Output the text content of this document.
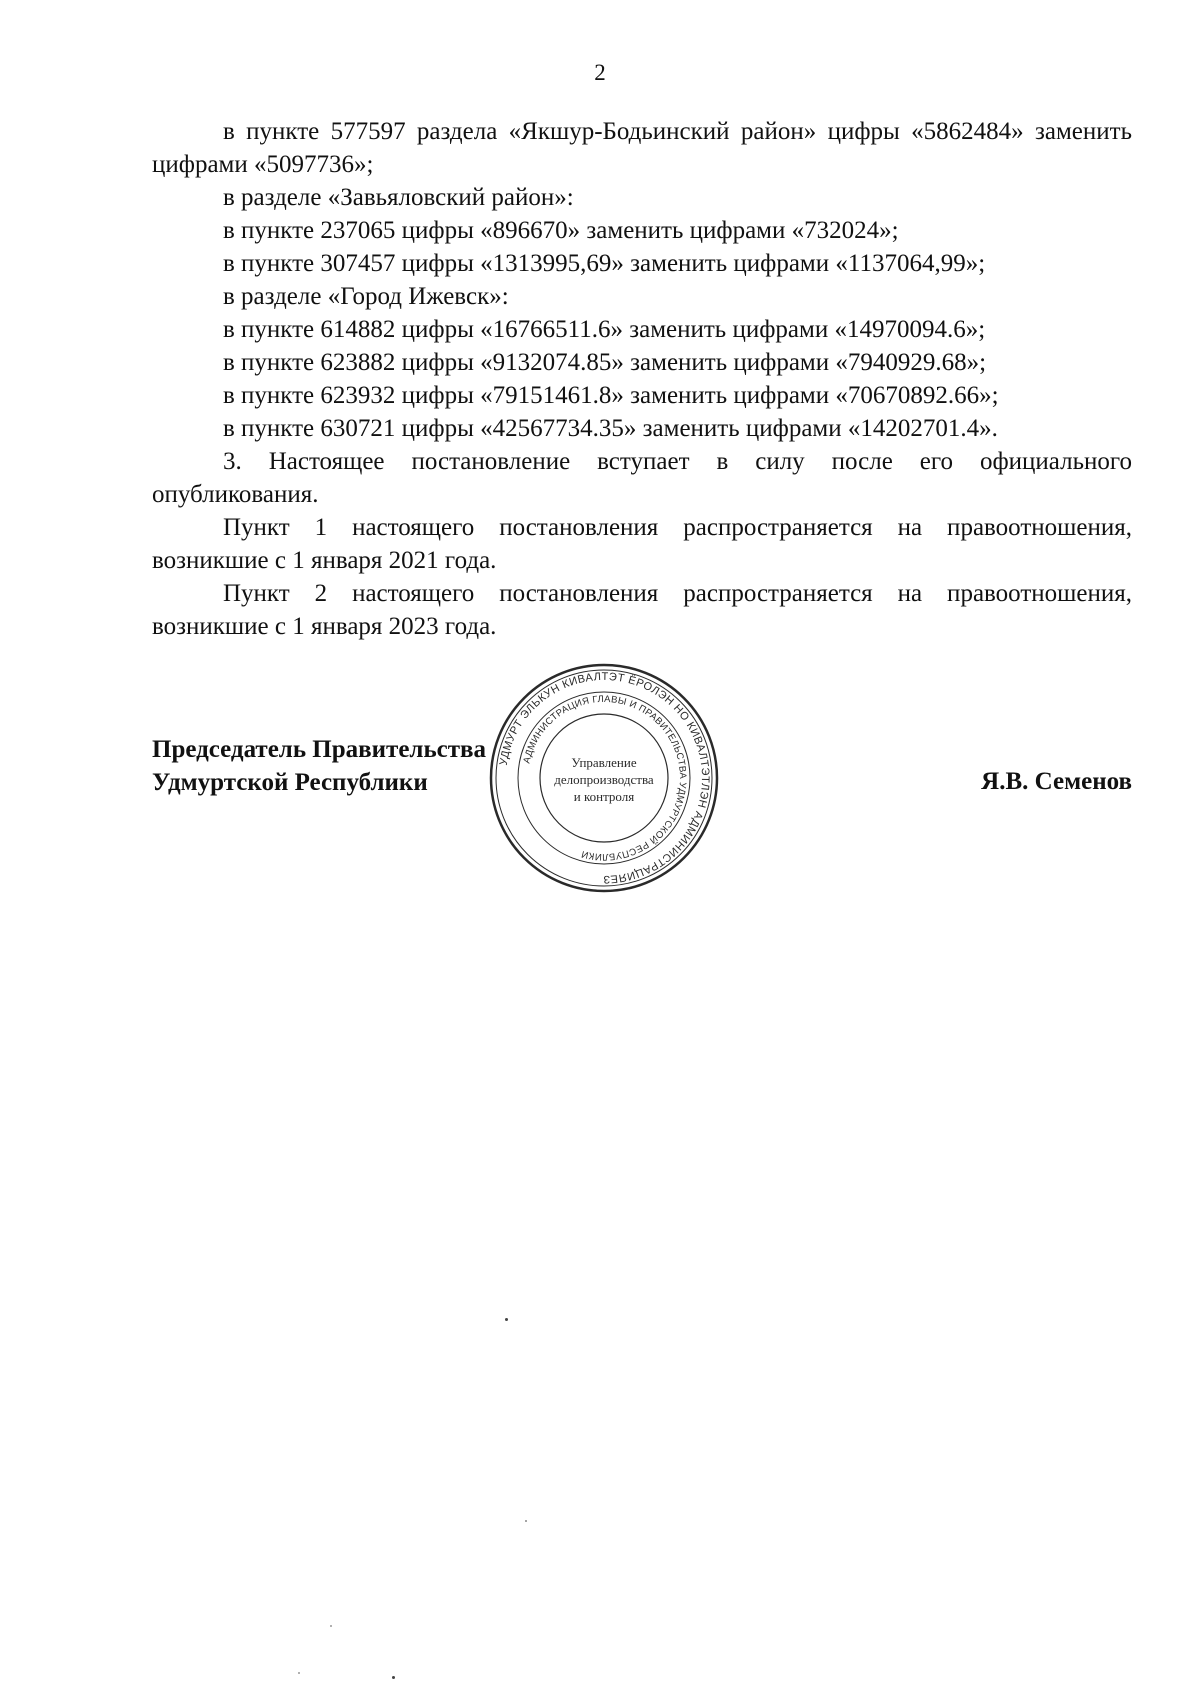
2

в пункте 577597 раздела «Якшур-Бодьинский район» цифры «5862484» заменить цифрами «5097736»;

в разделе «Завьяловский район»:

в пункте 237065 цифры «896670» заменить цифрами «732024»;

в пункте 307457 цифры «1313995,69» заменить цифрами «1137064,99»;

в разделе «Город Ижевск»:

в пункте 614882 цифры «16766511.6» заменить цифрами «14970094.6»;

в пункте 623882 цифры «9132074.85» заменить цифрами «7940929.68»;

в пункте 623932 цифры «79151461.8» заменить цифрами «70670892.66»;

в пункте 630721 цифры «42567734.35» заменить цифрами «14202701.4».

3. Настоящее постановление вступает в силу после его официального опубликования.

Пункт 1 настоящего постановления распространяется на правоотношения, возникшие с 1 января 2021 года.

Пункт 2 настоящего постановления распространяется на правоотношения, возникшие с 1 января 2023 года.

Председатель Правительства
Удмуртской Республики	Я.В. Семенов
УДМУРТ ЭЛЬКУН КИВАЛТЭТ ЁРОЛЭН НО КИВАЛТЭТЛЭН АДМИНИСТРАЦИЯЕЗ
АДМИНИСТРАЦИЯ ГЛАВЫ И ПРАВИТЕЛЬСТВА УДМУРТСКОЙ РЕСПУБЛИКИ
Управление
делопроизводства
и контроля
